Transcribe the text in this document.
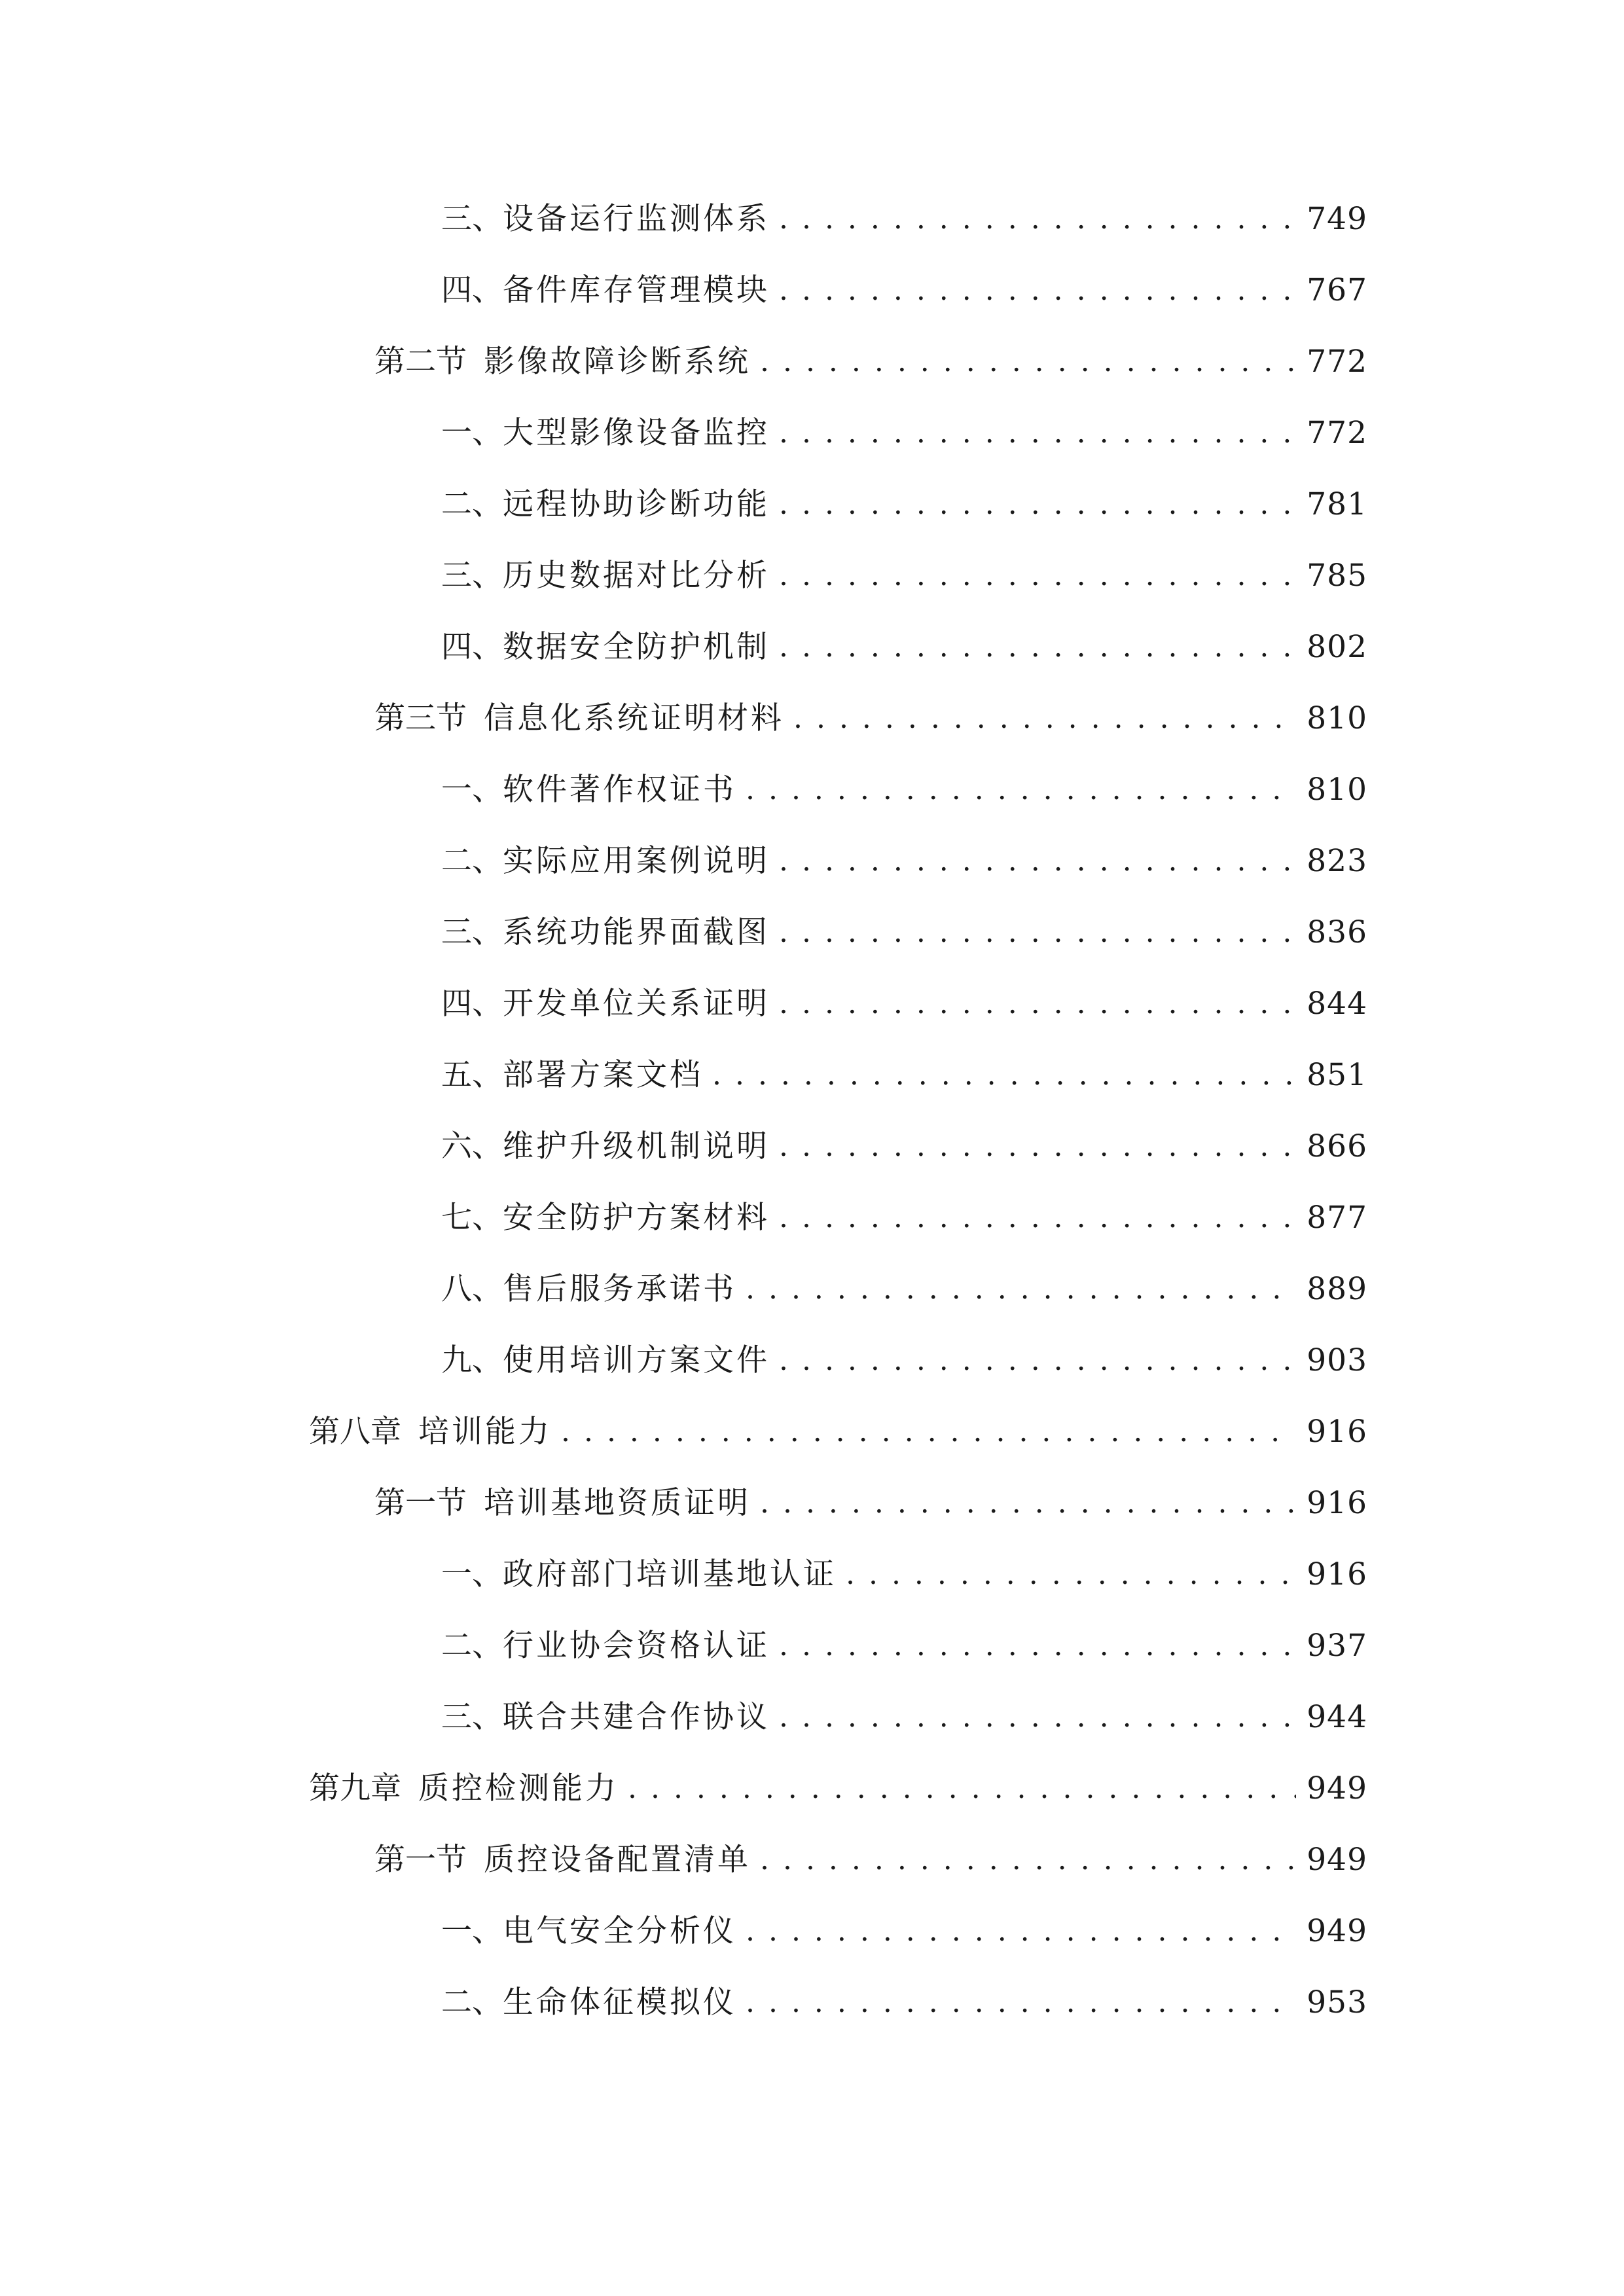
三、 设备运行监测体系 . . .	749
四、 备件库存管理模块 . . .	767
第二节 影像故障诊断系统 . . .	772
一、 大型影像设备监控 . . .	772
二、 远程协助诊断功能 . . .	781
三、 历史数据对比分析 . . .	785
四、 数据安全防护机制 . . .	802
第三节 信息化系统证明材料 . . .	810
一、 软件著作权证书 . . .	810
二、 实际应用案例说明 . . .	823
三、 系统功能界面截图 . . .	836
四、 开发单位关系证明 . . .	844
五、 部署方案文档 . . .	851
六、 维护升级机制说明 . . .	866
七、 安全防护方案材料 . . .	877
八、 售后服务承诺书 . . .	889
九、 使用培训方案文件 . . .	903
第八章 培训能力 . . .	916
第一节 培训基地资质证明 . . .	916
一、 政府部门培训基地认证 . . .	916
二、 行业协会资格认证 . . .	937
三、 联合共建合作协议 . . .	944
第九章 质控检测能力 . . .	949
第一节 质控设备配置清单 . . .	949
一、 电气安全分析仪 . . .	949
二、 生命体征模拟仪 . . .	953
